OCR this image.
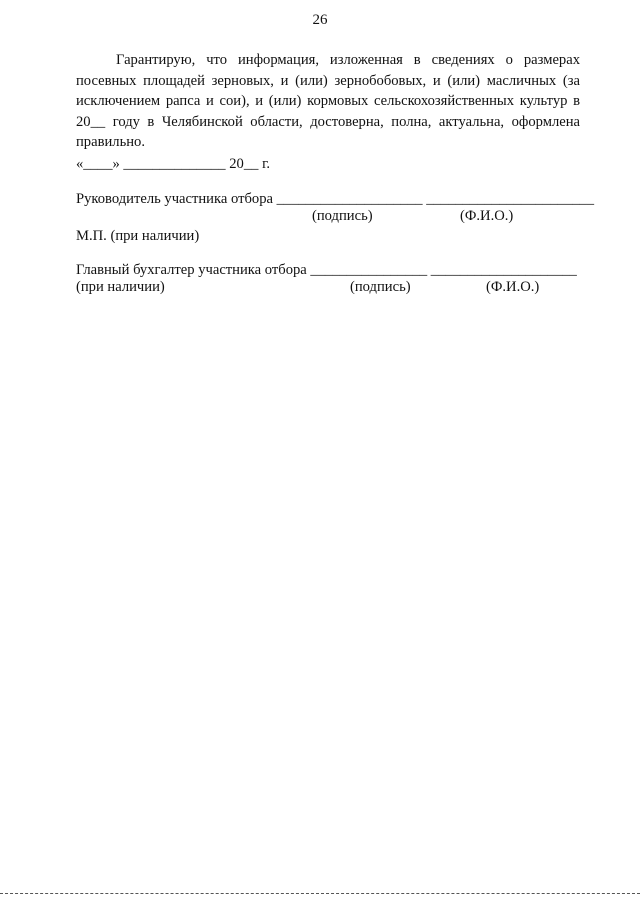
26

Гарантирую, что информация, изложенная в сведениях о размерах посевных площадей зерновых, и (или) зернобобовых, и (или) масличных (за исключением рапса и сои), и (или) кормовых сельскохозяйственных культур в 20__ году в Челябинской области, достоверна, полна, актуальна, оформлена правильно.

«____» ______________ 20__ г.
Руководитель участника отбора ____________________ _______________________
(подпись)	(Ф.И.О.)
М.П. (при наличии)
Главный бухгалтер участника отбора ________________ ____________________
(при наличии)	(подпись)	(Ф.И.О.)
